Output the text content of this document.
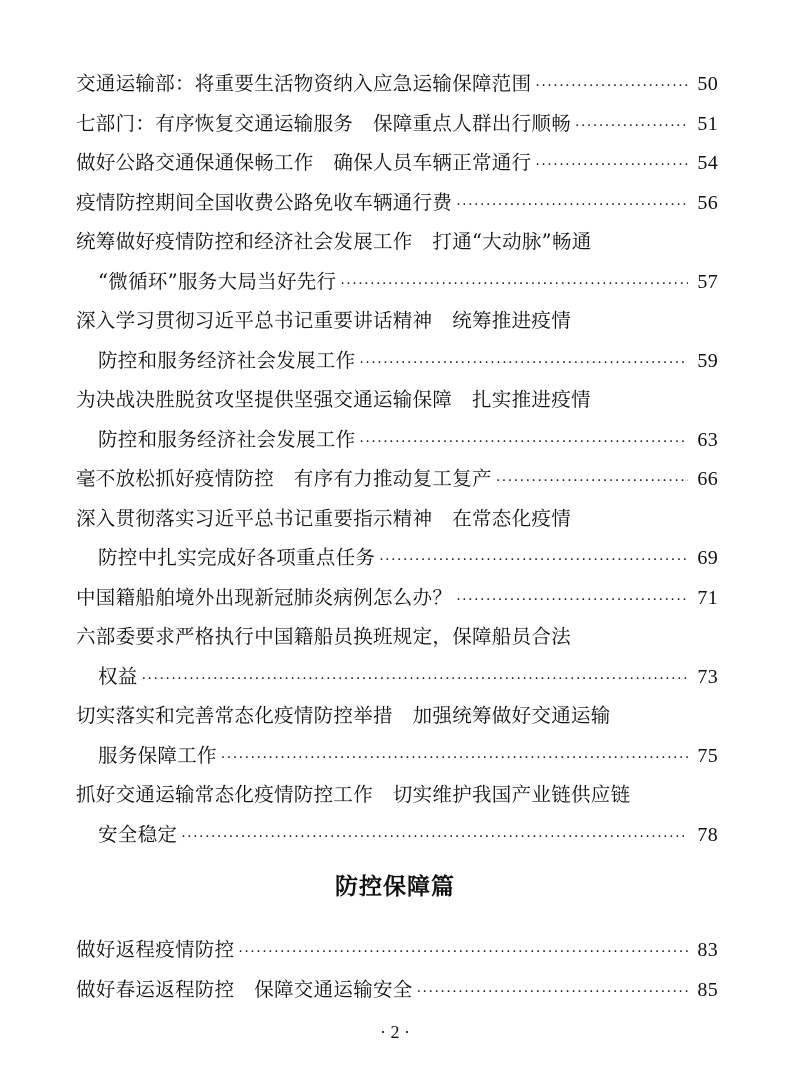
交通运输部：将重要生活物资纳入应急运输保障范围 ·····	50
七部门：有序恢复交通运输服务　保障重点人群出行顺畅 ·····	51
做好公路交通保通保畅工作　确保人员车辆正常通行 ·····	54
疫情防控期间全国收费公路免收车辆通行费 ·····	56
统筹做好疫情防控和经济社会发展工作　打通“大动脉”畅通
“微循环”服务大局当好先行 ·····	57
深入学习贯彻习近平总书记重要讲话精神　统筹推进疫情
防控和服务经济社会发展工作 ·····	59
为决战决胜脱贫攻坚提供坚强交通运输保障　扎实推进疫情
防控和服务经济社会发展工作 ·····	63
毫不放松抓好疫情防控　有序有力推动复工复产 ·····	66
深入贯彻落实习近平总书记重要指示精神　在常态化疫情
防控中扎实完成好各项重点任务 ·····	69
中国籍船舶境外出现新冠肺炎病例怎么办？ ·····	71
六部委要求严格执行中国籍船员换班规定，保障船员合法
权益 ·····	73
切实落实和完善常态化疫情防控举措　加强统筹做好交通运输
服务保障工作 ·····	75
抓好交通运输常态化疫情防控工作　切实维护我国产业链供应链
安全稳定 ·····	78
防控保障篇
做好返程疫情防控 ·····	83
做好春运返程防控　保障交通运输安全 ·····	85
· 2 ·
